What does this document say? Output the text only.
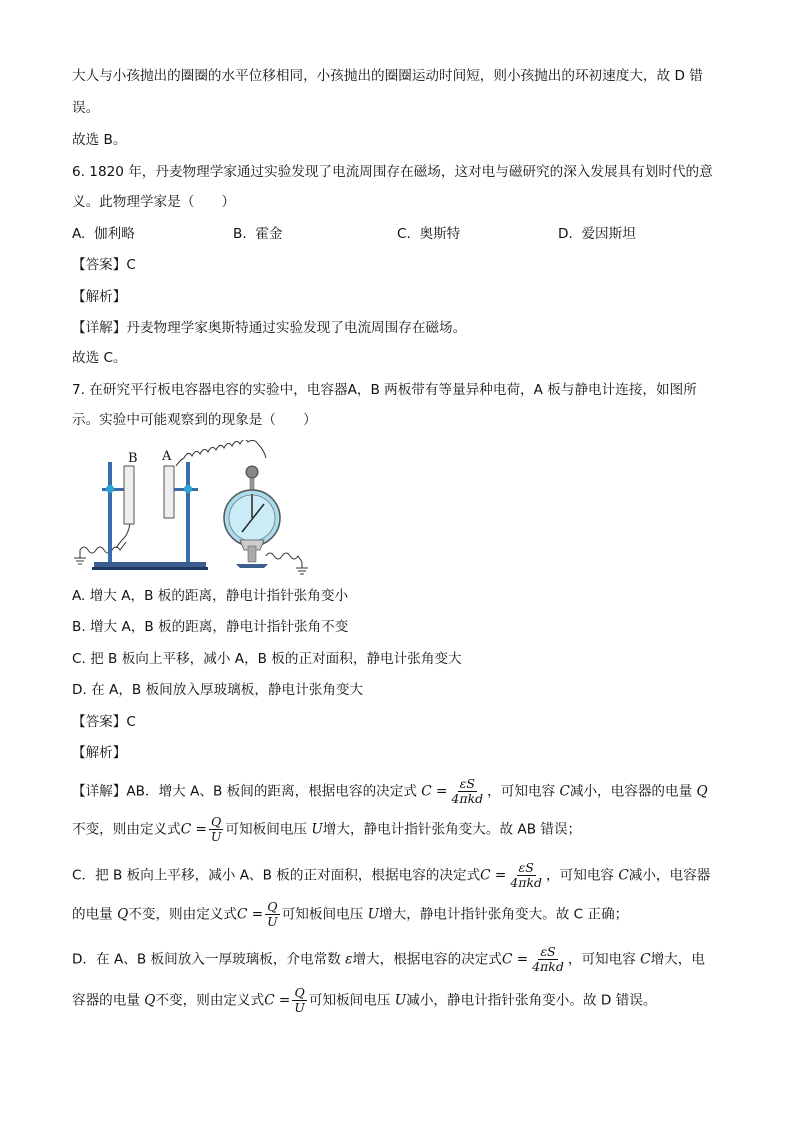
大人与小孩抛出的圈圈的水平位移相同，小孩抛出的圈圈运动时间短，则小孩抛出的环初速度大，故 D 错
误。
故选 B。
6. 1820 年，丹麦物理学家通过实验发现了电流周围存在磁场，这对电与磁研究的深入发展具有划时代的意
义。此物理学家是（　　）
A. 伽利略	B. 霍金	C. 奥斯特	D. 爱因斯坦
【答案】C
【解析】
【详解】丹麦物理学家奥斯特通过实验发现了电流周围存在磁场。
故选 C。
7. 在研究平行板电容器电容的实验中，电容器A，B 两板带有等量异种电荷，A 板与静电计连接，如图所
示。实验中可能观察到的现象是（　　）
B A
A. 增大 A，B 板的距离，静电计指针张角变小
B. 增大 A，B 板的距离，静电计指针张角不变
C. 把 B 板向上平移，减小 A，B 板的正对面积，静电计张角变大
D. 在 A，B 板间放入厚玻璃板，静电计张角变大
【答案】C
【解析】
【详解】AB．增大 A、B 板间的距离，根据电容的决定式 $C = \frac{\varepsilon S}{\text{4πkd}}$ ，可知电容 C减小，电容器的电量 Q
不变，则由定义式$C = \frac{Q}{U}$ 可知板间电压 U增大，静电计指针张角变大。故 AB 错误；
C．把 B 板向上平移，减小 A、B 板的正对面积，根据电容的决定式$C = \frac{\varepsilon S}{\text{4πkd}}$ ，可知电容 C减小，电容器
的电量 Q不变，则由定义式$C = \frac{Q}{U}$ 可知板间电压 U增大，静电计指针张角变大。故 C 正确；
D．在 A、B 板间放入一厚玻璃板，介电常数 ε增大，根据电容的决定式$C = \frac{\varepsilon S}{\text{4πkd}}$ ，可知电容 C增大，电
容器的电量 Q不变，则由定义式$C = \frac{Q}{U}$ 可知板间电压 U减小，静电计指针张角变小。故 D 错误。
